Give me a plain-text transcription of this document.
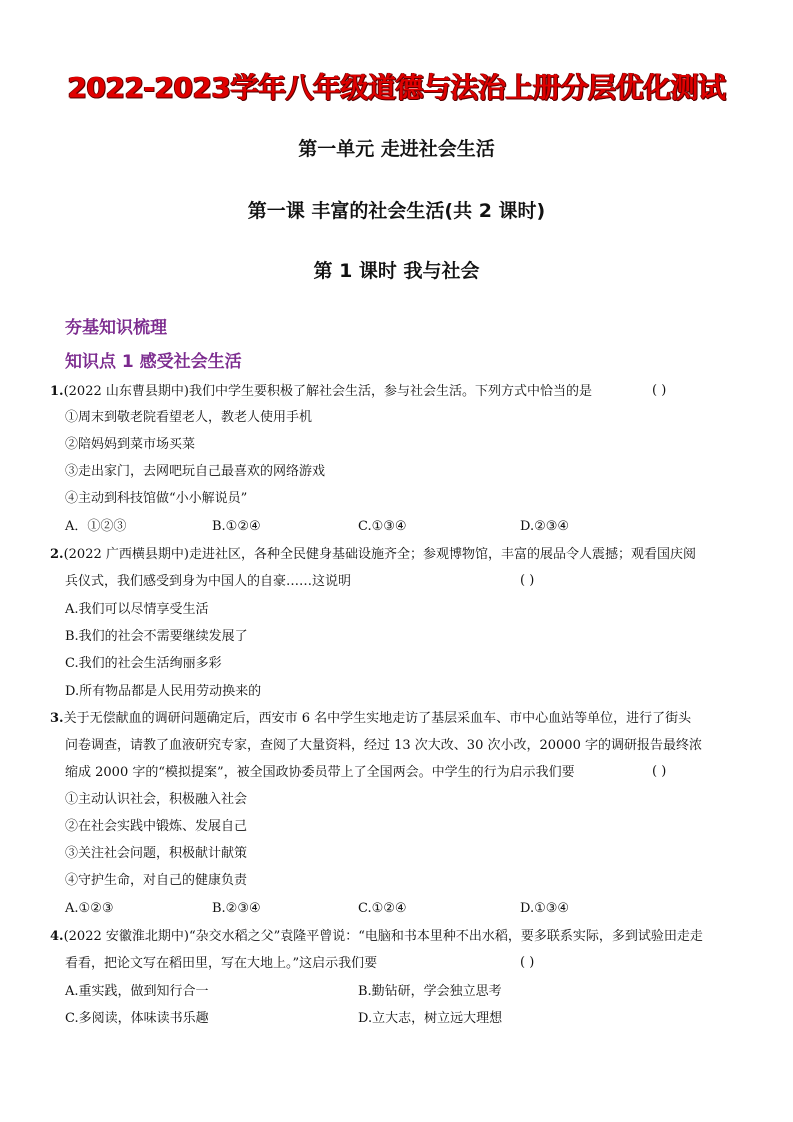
2022-2023学年八年级道德与法治上册分层优化测试
第一单元 走进社会生活
第一课 丰富的社会生活(共 2 课时)
第 1 课时 我与社会
夯基知识梳理
知识点 1 感受社会生活
1.(2022 山东曹县期中)我们中学生要积极了解社会生活，参与社会生活。下列方式中恰当的是	( )
①周末到敬老院看望老人，教老人使用手机
②陪妈妈到菜市场买菜
③走出家门，去网吧玩自己最喜欢的网络游戏
④主动到科技馆做“小小解说员”
A．①②③	B.①②④	C.①③④	D.②③④
2.(2022 广西横县期中)走进社区，各种全民健身基础设施齐全；参观博物馆，丰富的展品令人震撼；观看国庆阅
兵仪式，我们感受到身为中国人的自豪……这说明	( )
A.我们可以尽情享受生活
B.我们的社会不需要继续发展了
C.我们的社会生活绚丽多彩
D.所有物品都是人民用劳动换来的
3.关于无偿献血的调研问题确定后，西安市 6 名中学生实地走访了基层采血车、市中心血站等单位，进行了街头
问卷调查，请教了血液研究专家，查阅了大量资料，经过 13 次大改、30 次小改，20000 字的调研报告最终浓
缩成 2000 字的“模拟提案”，被全国政协委员带上了全国两会。中学生的行为启示我们要	( )
①主动认识社会，积极融入社会
②在社会实践中锻炼、发展自己
③关注社会问题，积极献计献策
④守护生命，对自己的健康负责
A.①②③	B.②③④	C.①②④	D.①③④
4.(2022 安徽淮北期中)“杂交水稻之父”袁隆平曾说：“电脑和书本里种不出水稻，要多联系实际，多到试验田走走
看看，把论文写在稻田里，写在大地上。”这启示我们要	( )
A.重实践，做到知行合一	B.勤钻研，学会独立思考
C.多阅读，体味读书乐趣	D.立大志，树立远大理想
